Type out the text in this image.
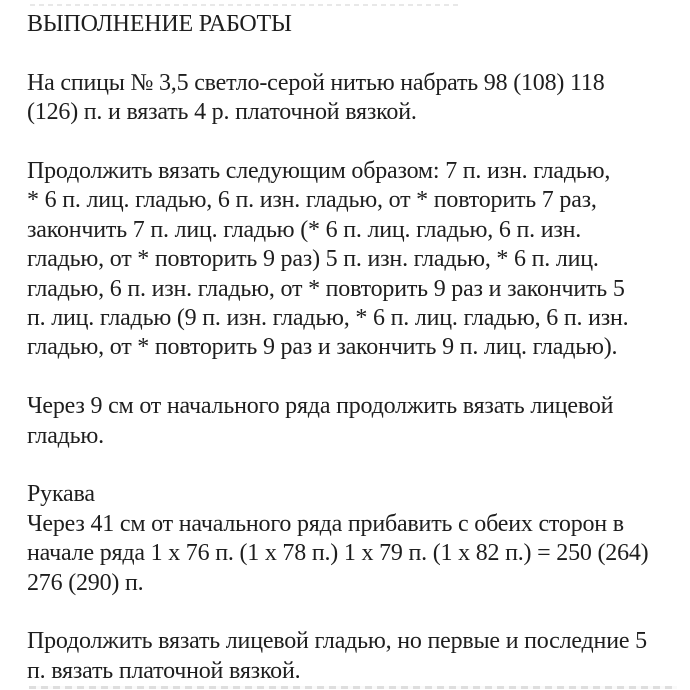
ВЫПОЛНЕНИЕ РАБОТЫ
На спицы № 3,5 светло-серой нитью набрать 98 (108) 118
(126) п. и вязать 4 р. платочной вязкой.
Продолжить вязать следующим образом: 7 п. изн. гладью,
* 6 п. лиц. гладью, 6 п. изн. гладью, от * повторить 7 раз,
закончить 7 п. лиц. гладью (* 6 п. лиц. гладью, 6 п. изн.
гладью, от * повторить 9 раз) 5 п. изн. гладью, * 6 п. лиц.
гладью, 6 п. изн. гладью, от * повторить 9 раз и закончить 5
п. лиц. гладью (9 п. изн. гладью, * 6 п. лиц. гладью, 6 п. изн.
гладью, от * повторить 9 раз и закончить 9 п. лиц. гладью).
Через 9 см от начального ряда продолжить вязать лицевой
гладью.
Рукава
Через 41 см от начального ряда прибавить с обеих сторон в
начале ряда 1 х 76 п. (1 х 78 п.) 1 х 79 п. (1 х 82 п.) = 250 (264)
276 (290) п.
Продолжить вязать лицевой гладью, но первые и последние 5
п. вязать платочной вязкой.
